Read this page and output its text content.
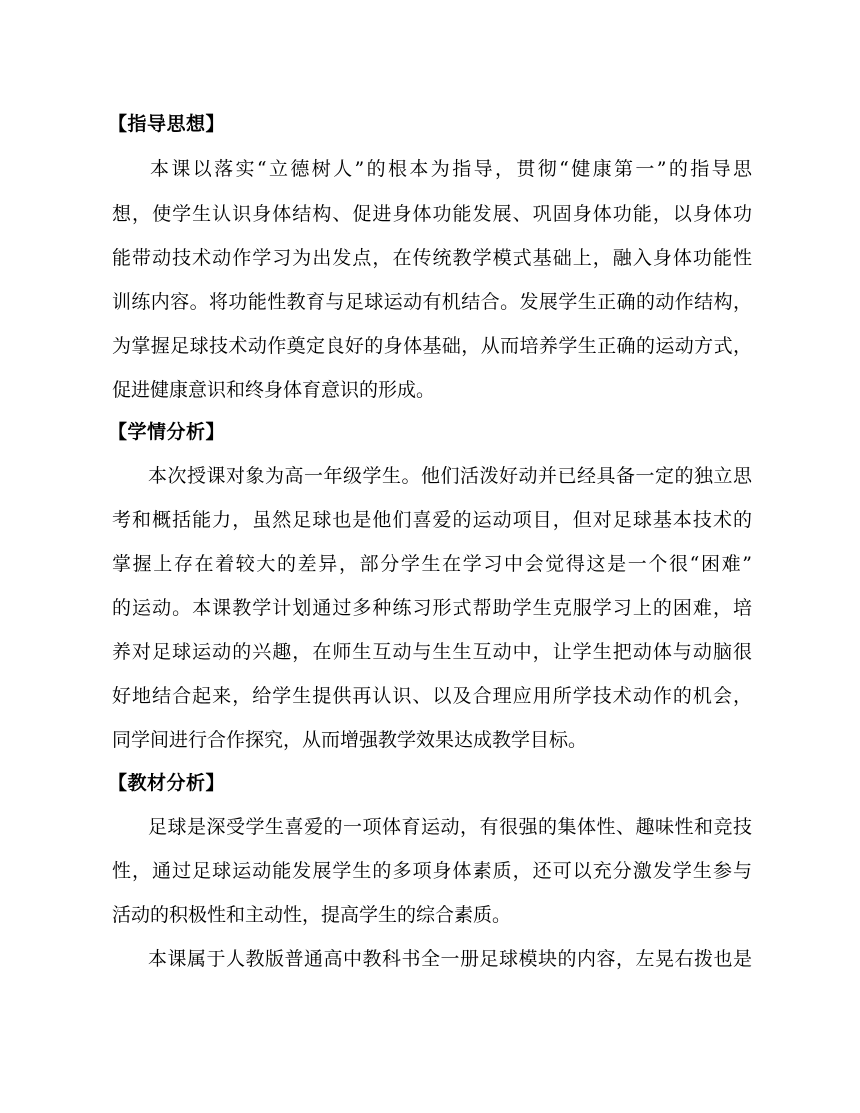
【指导思想】
本课以落实“立德树人”的根本为指导，贯彻“健康第一”的指导思
想，使学生认识身体结构、促进身体功能发展、巩固身体功能，以身体功
能带动技术动作学习为出发点，在传统教学模式基础上，融入身体功能性
训练内容。将功能性教育与足球运动有机结合。发展学生正确的动作结构，
为掌握足球技术动作奠定良好的身体基础，从而培养学生正确的运动方式，
促进健康意识和终身体育意识的形成。
【学情分析】
本次授课对象为高一年级学生。他们活泼好动并已经具备一定的独立思
考和概括能力，虽然足球也是他们喜爱的运动项目，但对足球基本技术的
掌握上存在着较大的差异，部分学生在学习中会觉得这是一个很“困难”
的运动。本课教学计划通过多种练习形式帮助学生克服学习上的困难，培
养对足球运动的兴趣，在师生互动与生生互动中，让学生把动体与动脑很
好地结合起来，给学生提供再认识、以及合理应用所学技术动作的机会，
同学间进行合作探究，从而增强教学效果达成教学目标。
【教材分析】
足球是深受学生喜爱的一项体育运动，有很强的集体性、趣味性和竞技
性，通过足球运动能发展学生的多项身体素质，还可以充分激发学生参与
活动的积极性和主动性，提高学生的综合素质。
本课属于人教版普通高中教科书全一册足球模块的内容，左晃右拨也是
